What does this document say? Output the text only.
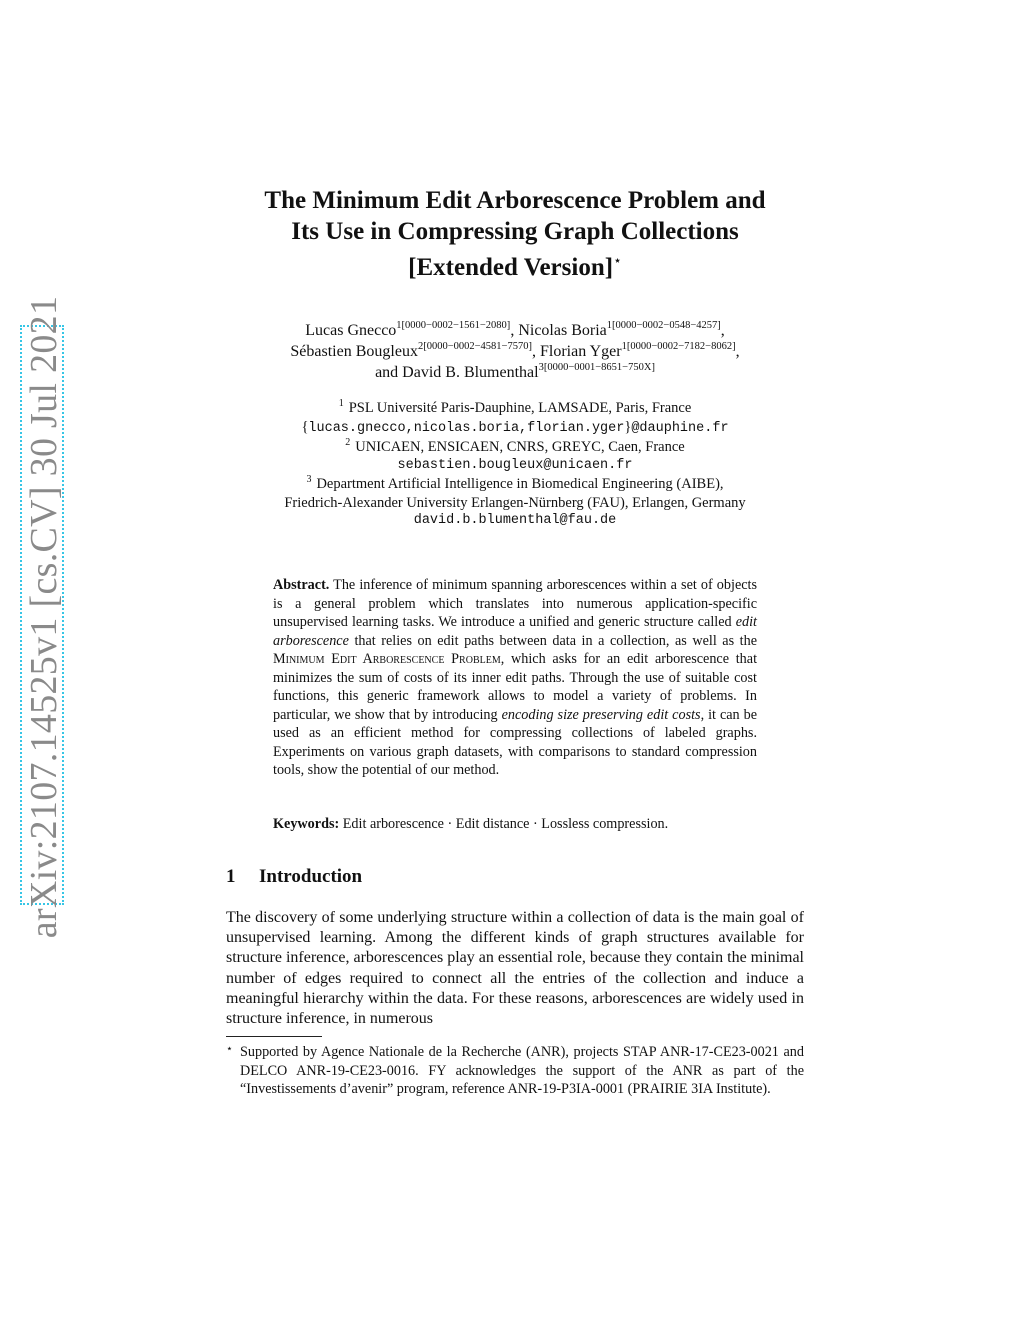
arXiv:2107.14525v1 [cs.CV] 30 Jul 2021
The Minimum Edit Arborescence Problem and
Its Use in Compressing Graph Collections
[Extended Version]⋆
Lucas Gnecco$^{1[0000-0002-1561-2080]}$, Nicolas Boria$^{1[0000-0002-0548-4257]}$,
Sébastien Bougleux$^{2[0000-0002-4581-7570]}$, Florian Yger$^{1[0000-0002-7182-8062]}$,
and David B. Blumenthal$^{3[0000-0001-8651-750X]}$
$^1$ PSL Université Paris-Dauphine, LAMSADE, Paris, France
{lucas.gnecco,nicolas.boria,florian.yger}@dauphine.fr
$^2$ UNICAEN, ENSICAEN, CNRS, GREYC, Caen, France
sebastien.bougleux@unicaen.fr
$^3$ Department Artificial Intelligence in Biomedical Engineering (AIBE),
Friedrich-Alexander University Erlangen-Nürnberg (FAU), Erlangen, Germany
david.b.blumenthal@fau.de

Abstract. The inference of minimum spanning arborescences within a set of objects is a general problem which translates into numerous application-specific unsupervised learning tasks. We introduce a unified and generic structure called edit arborescence that relies on edit paths between data in a collection, as well as the Minimum Edit Arborescence Problem, which asks for an edit arborescence that minimizes the sum of costs of its inner edit paths. Through the use of suitable cost functions, this generic framework allows to model a variety of problems. In particular, we show that by introducing encoding size preserving edit costs, it can be used as an efficient method for compressing collections of labeled graphs. Experiments on various graph datasets, with comparisons to standard compression tools, show the potential of our method.

Keywords: Edit arborescence · Edit distance · Lossless compression.
1 Introduction

The discovery of some underlying structure within a collection of data is the main goal of unsupervised learning. Among the different kinds of graph structures available for structure inference, arborescences play an essential role, because they contain the minimal number of edges required to connect all the entries of the collection and induce a meaningful hierarchy within the data. For these reasons, arborescences are widely used in structure inference, in numerous

⋆ Supported by Agence Nationale de la Recherche (ANR), projects STAP ANR-17-CE23-0021 and DELCO ANR-19-CE23-0016. FY acknowledges the support of the ANR as part of the “Investissements d’avenir” program, reference ANR-19-P3IA-0001 (PRAIRIE 3IA Institute).
